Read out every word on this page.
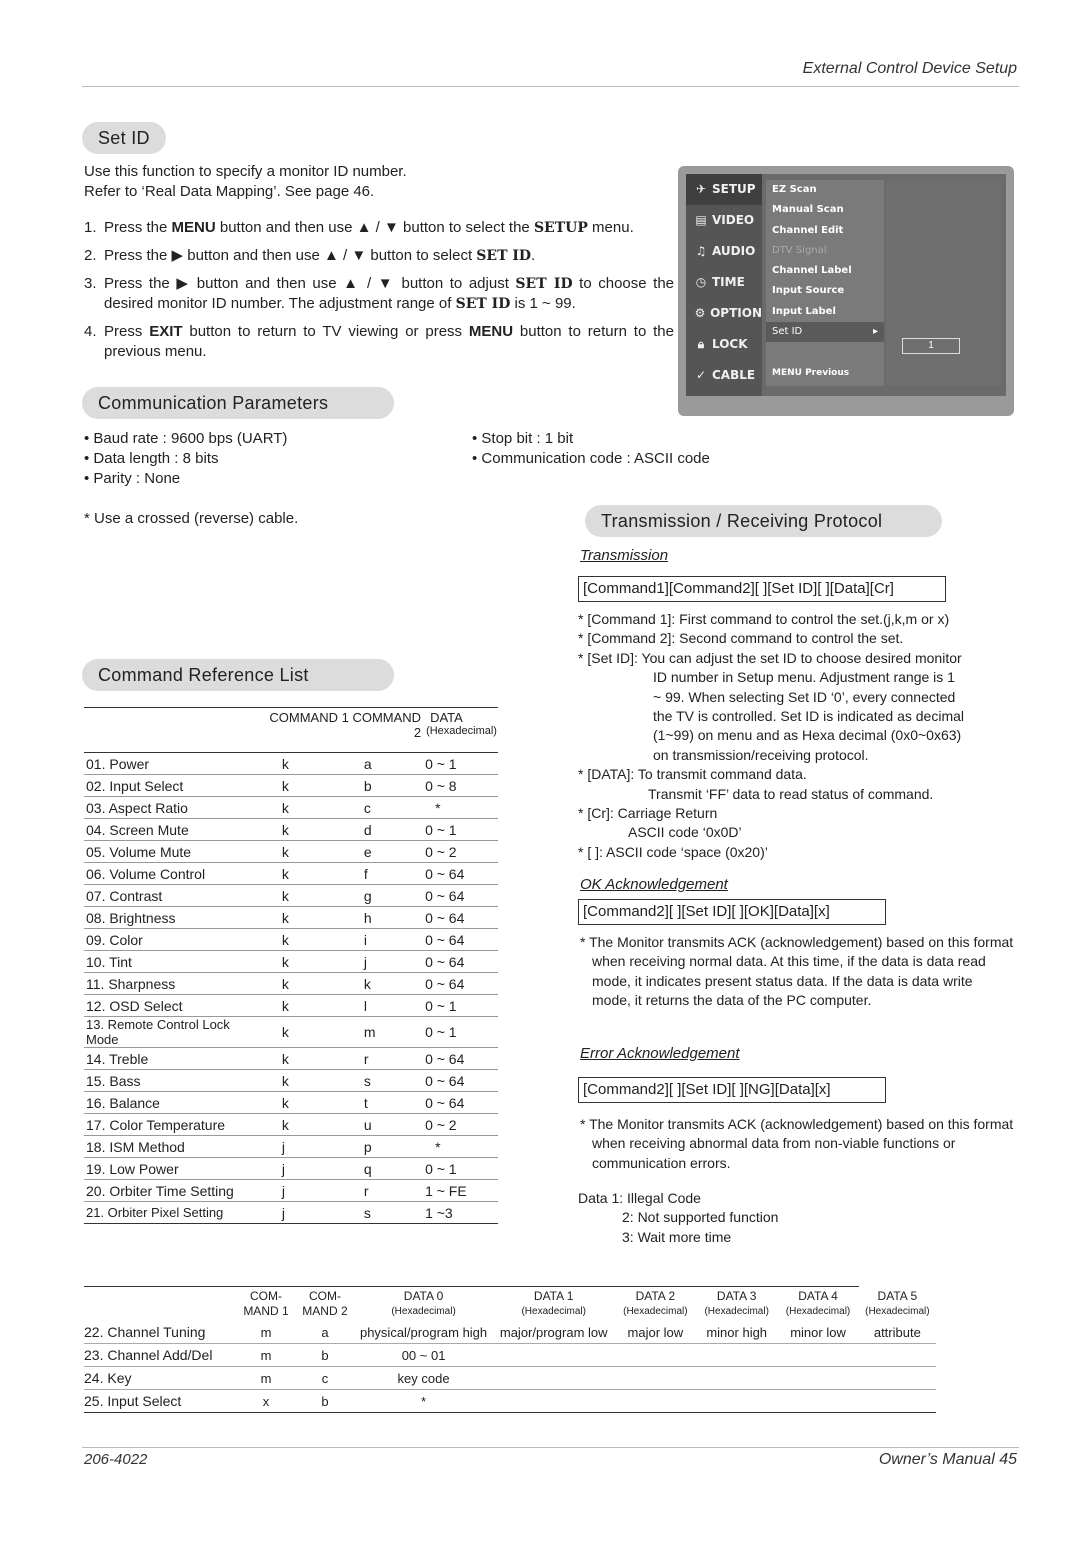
External Control Device Setup
Set ID
Use this function to specify a monitor ID number.
Refer to ‘Real Data Mapping’. See page 46.
1. Press the MENU button and then use ▲ / ▼ button to select the SETUP menu.
2. Press the ▶ button and then use ▲ / ▼ button to select SET ID.
3. Press the ▶ button and then use ▲ / ▼ button to adjust SET ID to choose the desired monitor ID number. The adjustment range of SET ID is 1 ~ 99.
4. Press EXIT button to return to TV viewing or press MENU button to return to the previous menu.
✈ SETUP
▤ VIDEO
♫ AUDIO
◷ TIME
⚙ OPTION
🔒︎ LOCK
✓ CABLE
EZ Scan
Manual Scan
Channel Edit
DTV Signal
Channel Label
Input Source
Input Label
Set ID	▸
1
MENU Previous
Communication Parameters
• Baud rate : 9600 bps (UART)
• Data length : 8 bits
• Parity : None
• Stop bit : 1 bit
• Communication code : ASCII code
* Use a crossed (reverse) cable.
Command Reference List
	COMMAND 1 COMMAND 2		DATA
(Hexadecimal)

01. Power	k	a	0 ~ 1
02. Input Select	k	b	0 ~ 8
03. Aspect Ratio	k	c	*
04. Screen Mute	k	d	0 ~ 1
05. Volume Mute	k	e	0 ~ 2
06. Volume Control	k	f	0 ~ 64
07. Contrast	k	g	0 ~ 64
08. Brightness	k	h	0 ~ 64
09. Color	k	i	0 ~ 64
10. Tint	k	j	0 ~ 64
11. Sharpness	k	k	0 ~ 64
12. OSD Select	k	l	0 ~ 1
13. Remote Control Lock Mode	k	m	0 ~ 1
14. Treble	k	r	0 ~ 64
15. Bass	k	s	0 ~ 64
16. Balance	k	t	0 ~ 64
17. Color Temperature	k	u	0 ~ 2
18. ISM Method	j	p	*
19. Low Power	j	q	0 ~ 1
20. Orbiter Time Setting	j	r	1 ~ FE
21. Orbiter Pixel Setting	j	s	1 ~3
Transmission / Receiving Protocol
Transmission
[Command1][Command2][ ][Set ID][ ][Data][Cr]
* [Command 1]: First command to control the set.(j,k,m or x)
* [Command 2]: Second command to control the set.
* [Set ID]: You can adjust the set ID to choose desired monitor
ID number in Setup menu. Adjustment range is 1
~ 99. When selecting Set ID ‘0’, every connected
the TV is controlled. Set ID is indicated as decimal
(1~99) on menu and as Hexa decimal (0x0~0x63)
on transmission/receiving protocol.
* [DATA]: To transmit command data.
Transmit ‘FF’ data to read status of command.
* [Cr]: Carriage Return
ASCII code ‘0x0D’
* [ ]: ASCII code ‘space (0x20)’
OK Acknowledgement
[Command2][ ][Set ID][ ][OK][Data][x]
* The Monitor transmits ACK (acknowledgement) based on this format when receiving normal data. At this time, if the data is data read mode, it indicates present status data. If the data is data write mode, it returns the data of the PC computer.
Error Acknowledgement
[Command2][ ][Set ID][ ][NG][Data][x]
* The Monitor transmits ACK (acknowledgement) based on this format when receiving abnormal data from non-viable functions or communication errors.
Data 1: Illegal Code
2: Not supported function
3: Wait more time
	COM-
MAND 1	COM-
MAND 2	DATA 0
(Hexadecimal)	DATA 1
(Hexadecimal)	DATA 2
(Hexadecimal)	DATA 3
(Hexadecimal)	DATA 4
(Hexadecimal)	DATA 5
(Hexadecimal)

22. Channel Tuning	m	a	physical/program high	major/program low	major low	minor high	minor low	attribute
23. Channel Add/Del	m	b	00 ~ 01					
24. Key	m	c	key code					
25. Input Select	x	b	*					
206-4022	Owner’s Manual 45
